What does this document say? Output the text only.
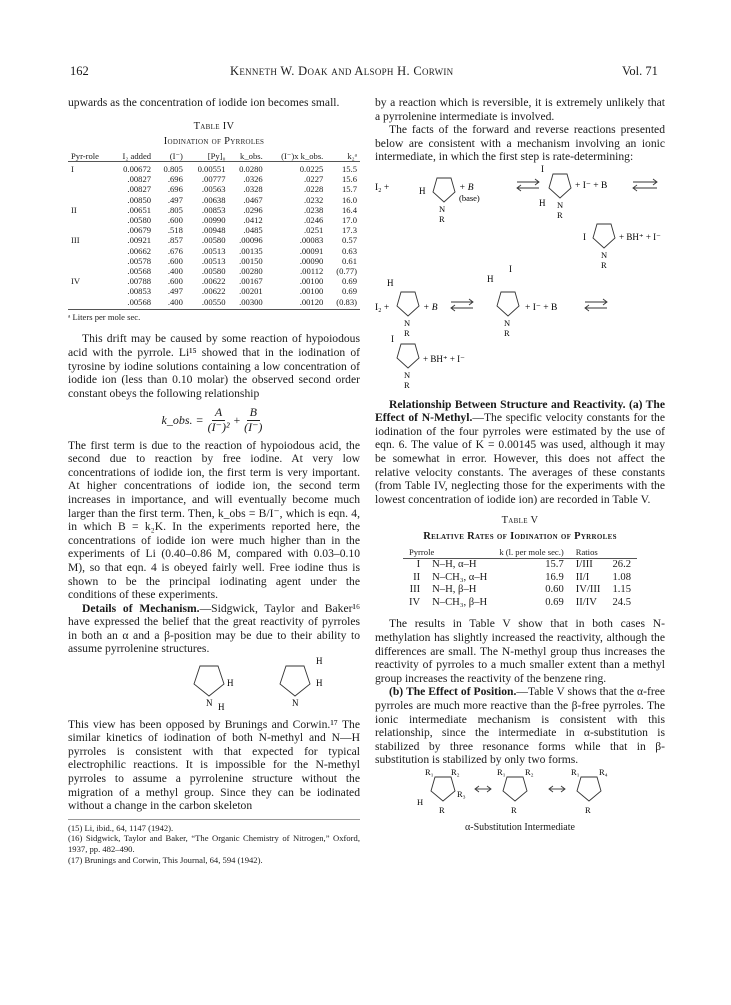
162	Kenneth W. Doak and Alsoph H. Corwin	Vol. 71

upwards as the concentration of iodide ion becomes small.

Table IV
Iodination of Pyrroles
Pyr-role	I₂ added	(I⁻)	[Py]₀	k_obs.	(I⁻)x k_obs.	k₂ᵃ
I	0.00672	0.805	0.00551	0.0280	0.0225	15.5
	.00827	.696	.00777	.0326	.0227	15.6
	.00827	.696	.00563	.0328	.0228	15.7
	.00850	.497	.00638	.0467	.0232	16.0
II	.00651	.805	.00853	.0296	.0238	16.4
	.00580	.600	.00990	.0412	.0246	17.0
	.00679	.518	.00948	.0485	.0251	17.3
III	.00921	.857	.00580	.00096	.00083	0.57
	.00662	.676	.00513	.00135	.00091	0.63
	.00578	.600	.00513	.00150	.00090	0.61
	.00568	.400	.00580	.00280	.00112	(0.77)
IV	.00788	.600	.00622	.00167	.00100	0.69
	.00853	.497	.00622	.00201	.00100	0.69
	.00568	.400	.00550	.00300	.00120	(0.83)
ᵃ Liters per mole sec.

This drift may be caused by some reaction of hypoiodous acid with the pyrrole. Li¹⁵ showed that in the iodination of tyrosine by iodine solutions containing a low concentration of iodide ion (less than 0.10 molar) the observed second order constant obeys the following relationship

k_obs. = $\frac{A}{\text{(I⁻)²}} + \frac{B}{(I^-)}$

The first term is due to the reaction of hypoiodous acid, the second due to reaction by free iodine. At very low concentrations of iodide ion, the first term is very important. At higher concentrations of iodide ion, the second term increases in importance, and will eventually become much larger than the first term. Then, k_obs = B/I⁻, which is eqn. 4, in which B = k₂K. In the experiments reported here, the concentrations of iodide ion were much higher than in the experiments of Li (0.40–0.86 M, compared with 0.03–0.10 M), so that eqn. 4 is obeyed fairly well. Free iodine thus is shown to be the principal iodinating agent under the conditions of these experiments.

Details of Mechanism.—Sidgwick, Taylor and Baker¹⁶ have expressed the belief that the great reactivity of pyrroles in both an α and a β-position may be due to their ability to assume pyrrolenine structures.

H
N H
H
H
N

This view has been opposed by Brunings and Corwin.¹⁷ The similar kinetics of iodination of both N-methyl and N—H pyrroles is consistent with that expected for typical electrophilic reactions. It is impossible for the N-methyl pyrroles to assume a pyrrolenine structure without the migration of a methyl group. Since they can be iodinated without a change in the carbon skeleton

(15) Li, ibid., 64, 1147 (1942).
(16) Sidgwick, Taylor and Baker, “The Organic Chemistry of Nitrogen,” Oxford, 1937, pp. 482–490.
(17) Brunings and Corwin, This Journal, 64, 594 (1942).

by a reaction which is reversible, it is extremely unlikely that a pyrrolenine intermediate is involved.

The facts of the forward and reverse reactions presented below are consistent with a mechanism involving an ionic intermediate, in which the first step is rate-determining:

I₂ +	H
N
R
+ B
(base)
I
H N
R
+ I⁻ + B
I
N
R
+ BH⁺ + I⁻
H
I₂ +
N
R
+ B
H
I
N
R
+ I⁻ + B
I
N
R
+ BH⁺ + I⁻

Relationship Between Structure and Reactivity. (a) The Effect of N-Methyl.—The specific velocity constants for the iodination of the four pyrroles were estimated by the use of eqn. 6. The value of K = 0.00145 was used, although it may be somewhat in error. However, this does not affect the relative velocity constants. The averages of these constants (from Table IV, neglecting those for the experiments with the lowest concentration of iodide ion) are recorded in Table V.

Table V
Relative Rates of Iodination of Pyrroles
Pyrrole		k (l. per mole sec.)	Ratios	
I	N–H, α–H	15.7	I/III	26.2
II	N–CH₃, α–H	16.9	II/I	1.08
III	N–H, β–H	0.60	IV/III	1.15
IV	N–CH₃, β–H	0.69	II/IV	24.5

The results in Table V show that in both cases N-methylation has slightly increased the reactivity, although the differences are small. The N-methyl group thus increases the reactivity of pyrroles to a much smaller extent than a methyl group increases the reactivity of the benzene ring.

(b) The Effect of Position.—Table V shows that the α-free pyrroles are much more reactive than the β-free pyrroles. The ionic intermediate mechanism is consistent with this relationship, since the intermediate in α-substitution is stabilized by three resonance forms while that in β-substitution is stabilized by only two forms.

R₁ R₂
R₃
R₁ R₂	R₁ R₄
H
R	R	R
α-Substitution Intermediate
